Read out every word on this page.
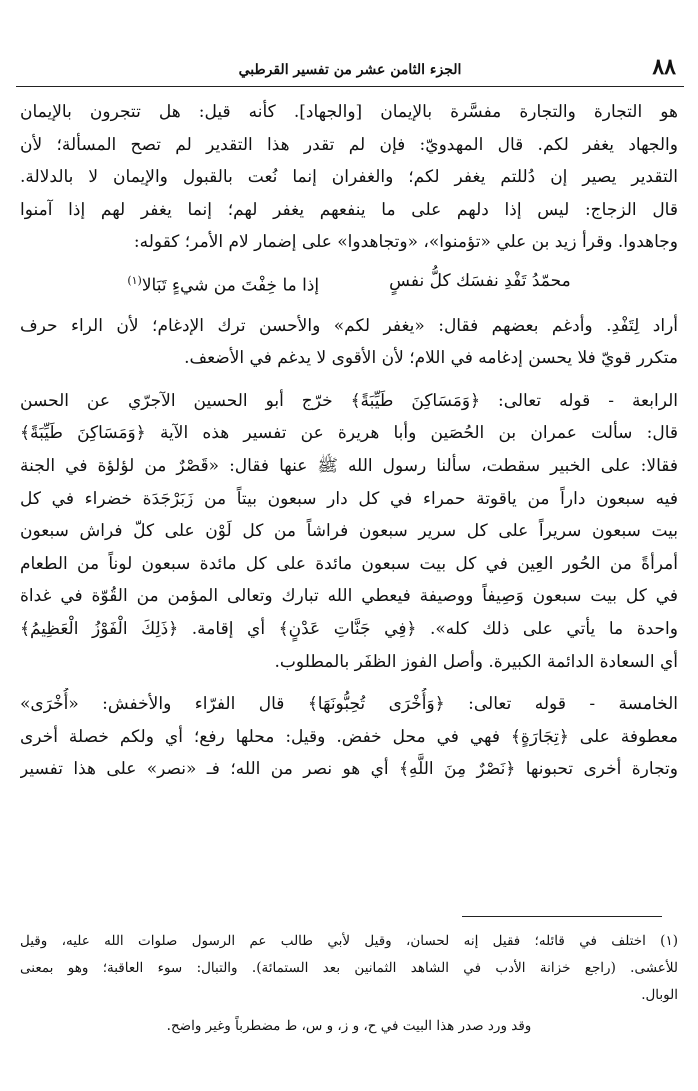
٨٨
الجزء الثامن عشر من تفسير القرطبي
هو التجارة والتجارة مفسَّرة بالإيمان [والجهاد]. كأنه قيل: هل تتجرون بالإيمان
والجهاد يغفر لكم. قال المهدويّ: فإن لم تقدر هذا التقدير لم تصح المسألة؛ لأن
التقدير يصير إن دُللتم يغفر لكم؛ والغفران إنما نُعت بالقبول والإيمان لا بالدلالة.
قال الزجاج: ليس إذا دلهم على ما ينفعهم يغفر لهم؛ إنما يغفر لهم إذا آمنوا
وجاهدوا. وقرأ زيد بن علي «تؤمنوا»، «وتجاهدوا» على إضمار لام الأمر؛ كقوله:
محمّدُ تَفْدِ نفسَك كلُّ نفسٍ
إذا ما خِفْتَ من شيءٍ تَبَالا$^{(١)}$
أراد لِتَفْدِ. وأدغم بعضهم فقال: «يغفر لكم» والأحسن ترك الإدغام؛ لأن الراء حرف
متكرر قويّ فلا يحسن إدغامه في اللام؛ لأن الأقوى لا يدغم في الأضعف.
الرابعة - قوله تعالى: ﴿وَمَسَاكِنَ طَيِّبَةً﴾ خرّج أبو الحسين الآجرّي عن الحسن
قال: سألت عمران بن الحُصَين وأبا هريرة عن تفسير هذه الآية ﴿وَمَسَاكِنَ طَيِّبَةً﴾
فقالا: على الخبير سقطت، سألنا رسول الله ﷺ عنها فقال: «قَصْرٌ من لؤلؤة في الجنة
فيه سبعون داراً من ياقوتة حمراء في كل دار سبعون بيتاً من زَبَرْجَدَة خضراء في كل
بيت سبعون سريراً على كل سرير سبعون فراشاً من كل لَوْن على كلّ فراش سبعون
أمرأةً من الحُور العِين في كل بيت سبعون مائدة على كل مائدة سبعون لوناً من الطعام
في كل بيت سبعون وَصِيفاً ووصيفة فيعطي الله تبارك وتعالى المؤمن من القُوّة في غداة
واحدة ما يأتي على ذلك كله». ﴿فِي جَنَّاتِ عَدْنٍ﴾ أي إقامة. ﴿ذَلِكَ الْفَوْزُ الْعَظِيمُ﴾
أي السعادة الدائمة الكبيرة. وأصل الفوز الظفَر بالمطلوب.
الخامسة - قوله تعالى: ﴿وَأُخْرَى تُحِبُّونَهَا﴾ قال الفرّاء والأخفش: «أُخْرَى»
معطوفة على ﴿تِجَارَةٍ﴾ فهي في محل خفض. وقيل: محلها رفع؛ أي ولكم خصلة أخرى
وتجارة أخرى تحبونها ﴿نَصْرٌ مِنَ اللَّهِ﴾ أي هو نصر من الله؛ فـ «نصر» على هذا تفسير
(١) اختلف في قائله؛ فقيل إنه لحسان، وقيل لأبي طالب عم الرسول صلوات الله عليه، وقيل
للأعشى. (راجع خزانة الأدب في الشاهد الثمانين بعد الستمائة). والتبال: سوء العاقبة؛ وهو بمعنى
الوبال.
وقد ورد صدر هذا البيت في ح، و ز، و س، ط مضطرباً وغير واضح.
